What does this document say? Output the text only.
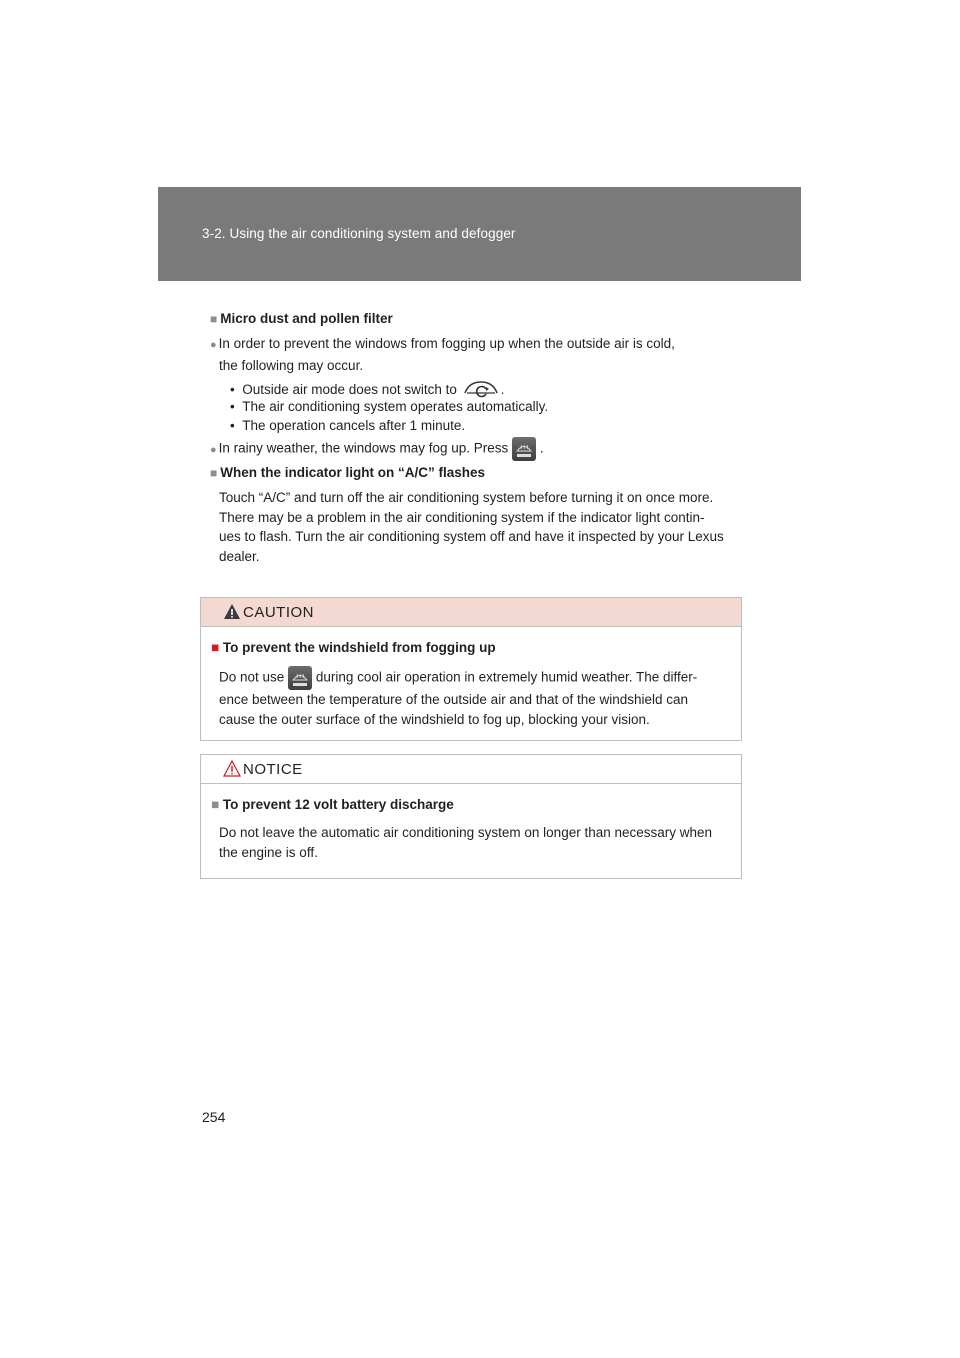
3-2. Using the air conditioning system and defogger
■ Micro dust and pollen filter
● In order to prevent the windows from fogging up when the outside air is cold,
the following may occur.
•  Outside air mode does not switch to	.
•  The air conditioning system operates automatically.
•  The operation cancels after 1 minute.
● In rainy weather, the windows may fog up. Press
.
■ When the indicator light on “A/C” flashes
Touch “A/C” and turn off the air conditioning system before turning it on once more.
There may be a problem in the air conditioning system if the indicator light contin-
ues to flash. Turn the air conditioning system off and have it inspected by your Lexus
dealer.
CAUTION
■ To prevent the windshield from fogging up
Do not use during cool air operation in extremely humid weather. The differ-
ence between the temperature of the outside air and that of the windshield can
cause the outer surface of the windshield to fog up, blocking your vision.
NOTICE
■ To prevent 12 volt battery discharge
Do not leave the automatic air conditioning system on longer than necessary when
the engine is off.
254
